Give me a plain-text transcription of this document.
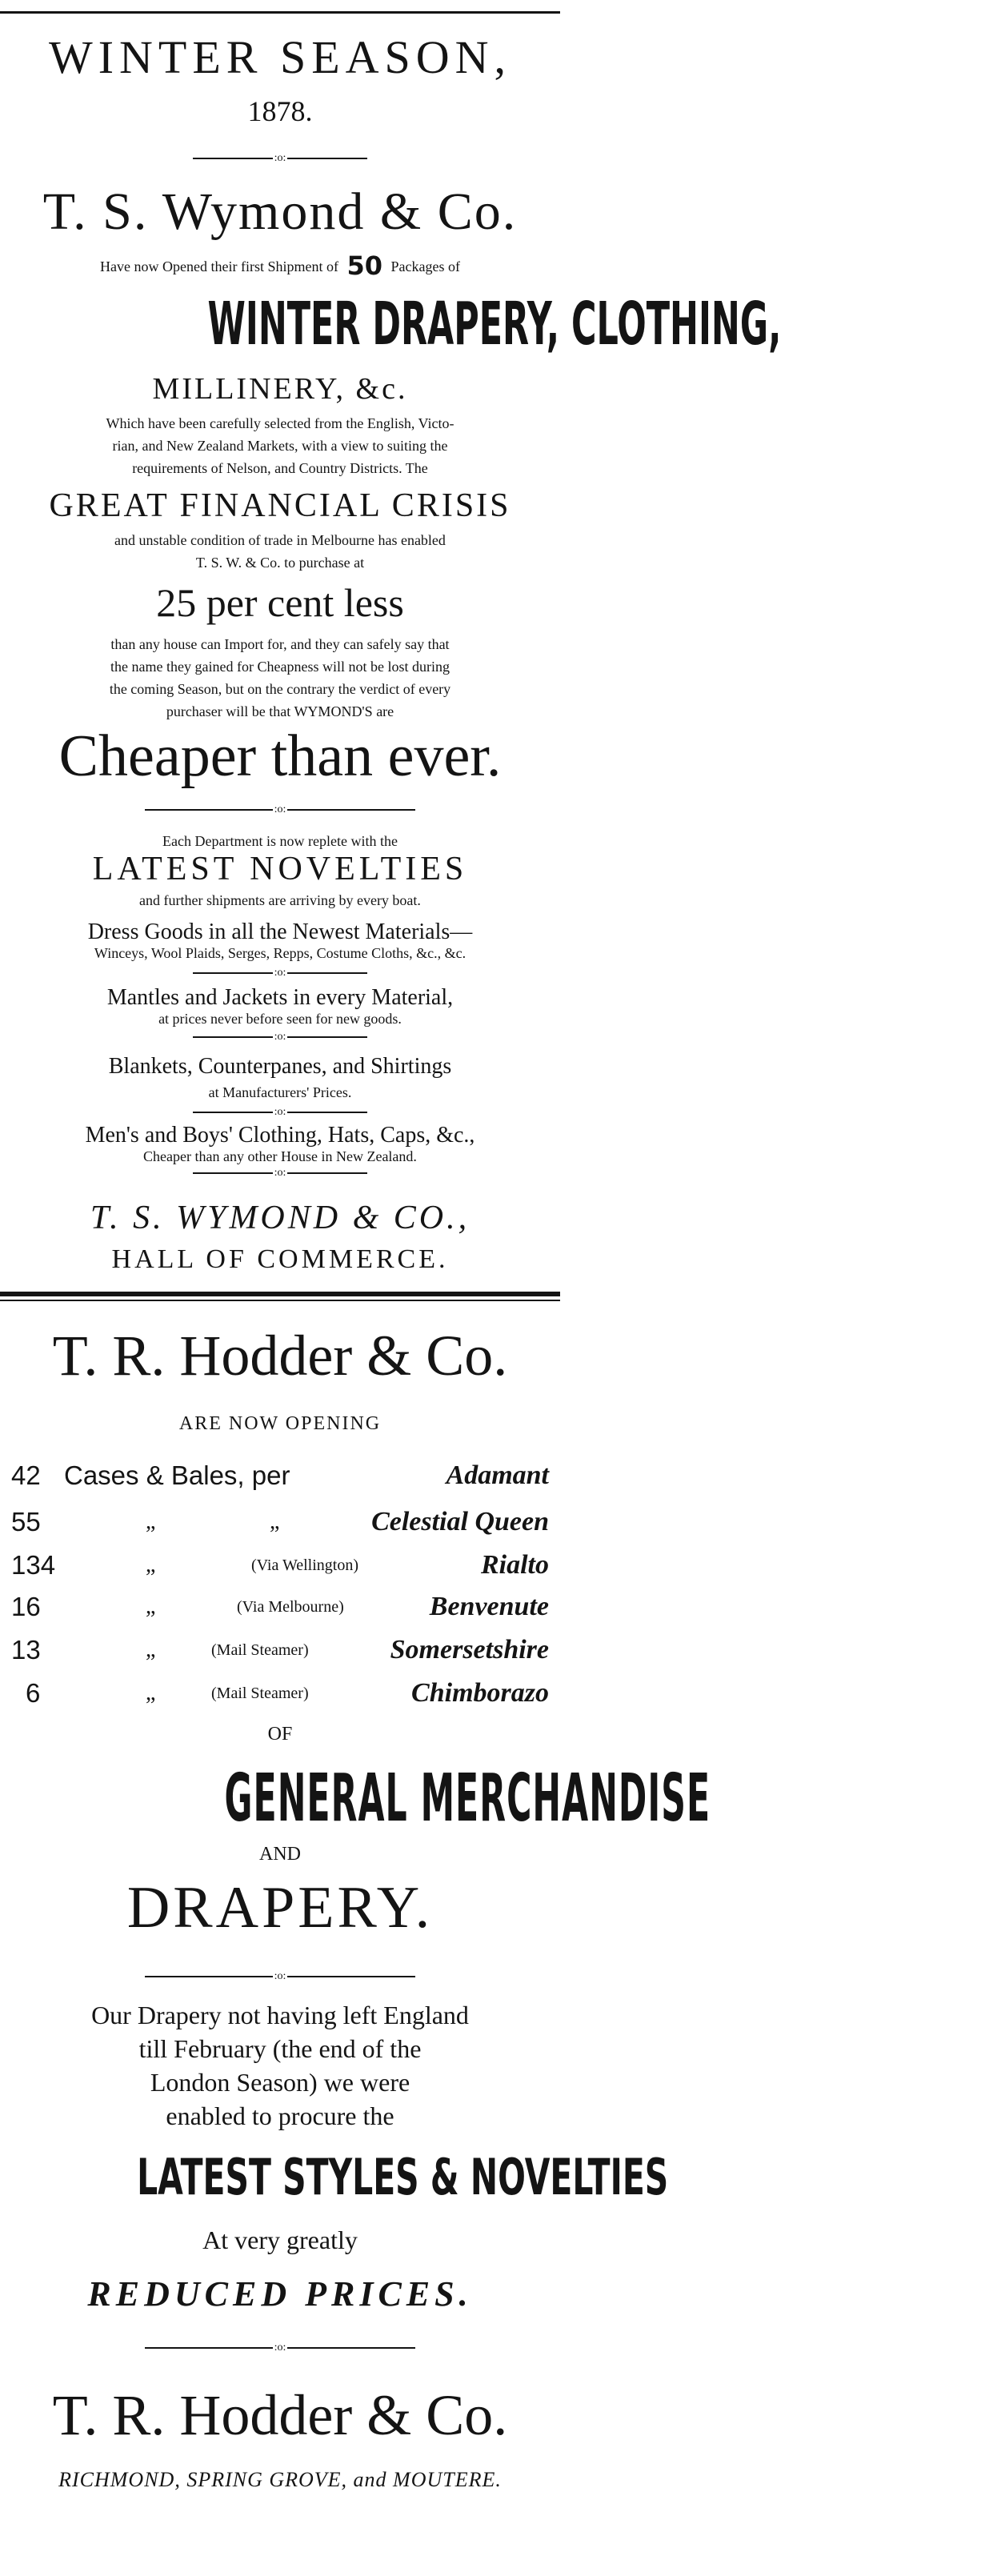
WINTER SEASON,
1878.
:o:
T. S. Wymond & Co.
Have now Opened their first Shipment of 50 Packages of
WINTER DRAPERY, CLOTHING,
MILLINERY, &c.
Which have been carefully selected from the English, Victo-
rian, and New Zealand Markets, with a view to suiting the
requirements of Nelson, and Country Districts. The
GREAT FINANCIAL CRISIS
and unstable condition of trade in Melbourne has enabled
T. S. W. & Co. to purchase at
25 per cent less
than any house can Import for, and they can safely say that
the name they gained for Cheapness will not be lost during
the coming Season, but on the contrary the verdict of every
purchaser will be that WYMOND'S are
Cheaper than ever.
:o:
Each Department is now replete with the
LATEST NOVELTIES
and further shipments are arriving by every boat.
Dress Goods in all the Newest Materials—
Winceys, Wool Plaids, Serges, Repps, Costume Cloths, &c., &c.
:o:
Mantles and Jackets in every Material,
at prices never before seen for new goods.
:o:
Blankets, Counterpanes, and Shirtings
at Manufacturers' Prices.
:o:
Men's and Boys' Clothing, Hats, Caps, &c.,
Cheaper than any other House in New Zealand.
:o:
T. S. WYMOND & CO.,
HALL OF COMMERCE.
T. R. Hodder & Co.
ARE NOW OPENING
42 Cases & Bales, per	Adamant
55	„	„	Celestial Queen
134	„	(Via Wellington)	Rialto
16	„	(Via Melbourne)	Benvenute
13	„	(Mail Steamer)	Somersetshire
6	„	(Mail Steamer)	Chimborazo
OF
GENERAL MERCHANDISE
AND
DRAPERY.
:o:
Our Drapery not having left England
till February (the end of the
London Season) we were
enabled to procure the
LATEST STYLES & NOVELTIES
At very greatly
REDUCED PRICES.
:o:
T. R. Hodder & Co.
RICHMOND, SPRING GROVE, and MOUTERE.
